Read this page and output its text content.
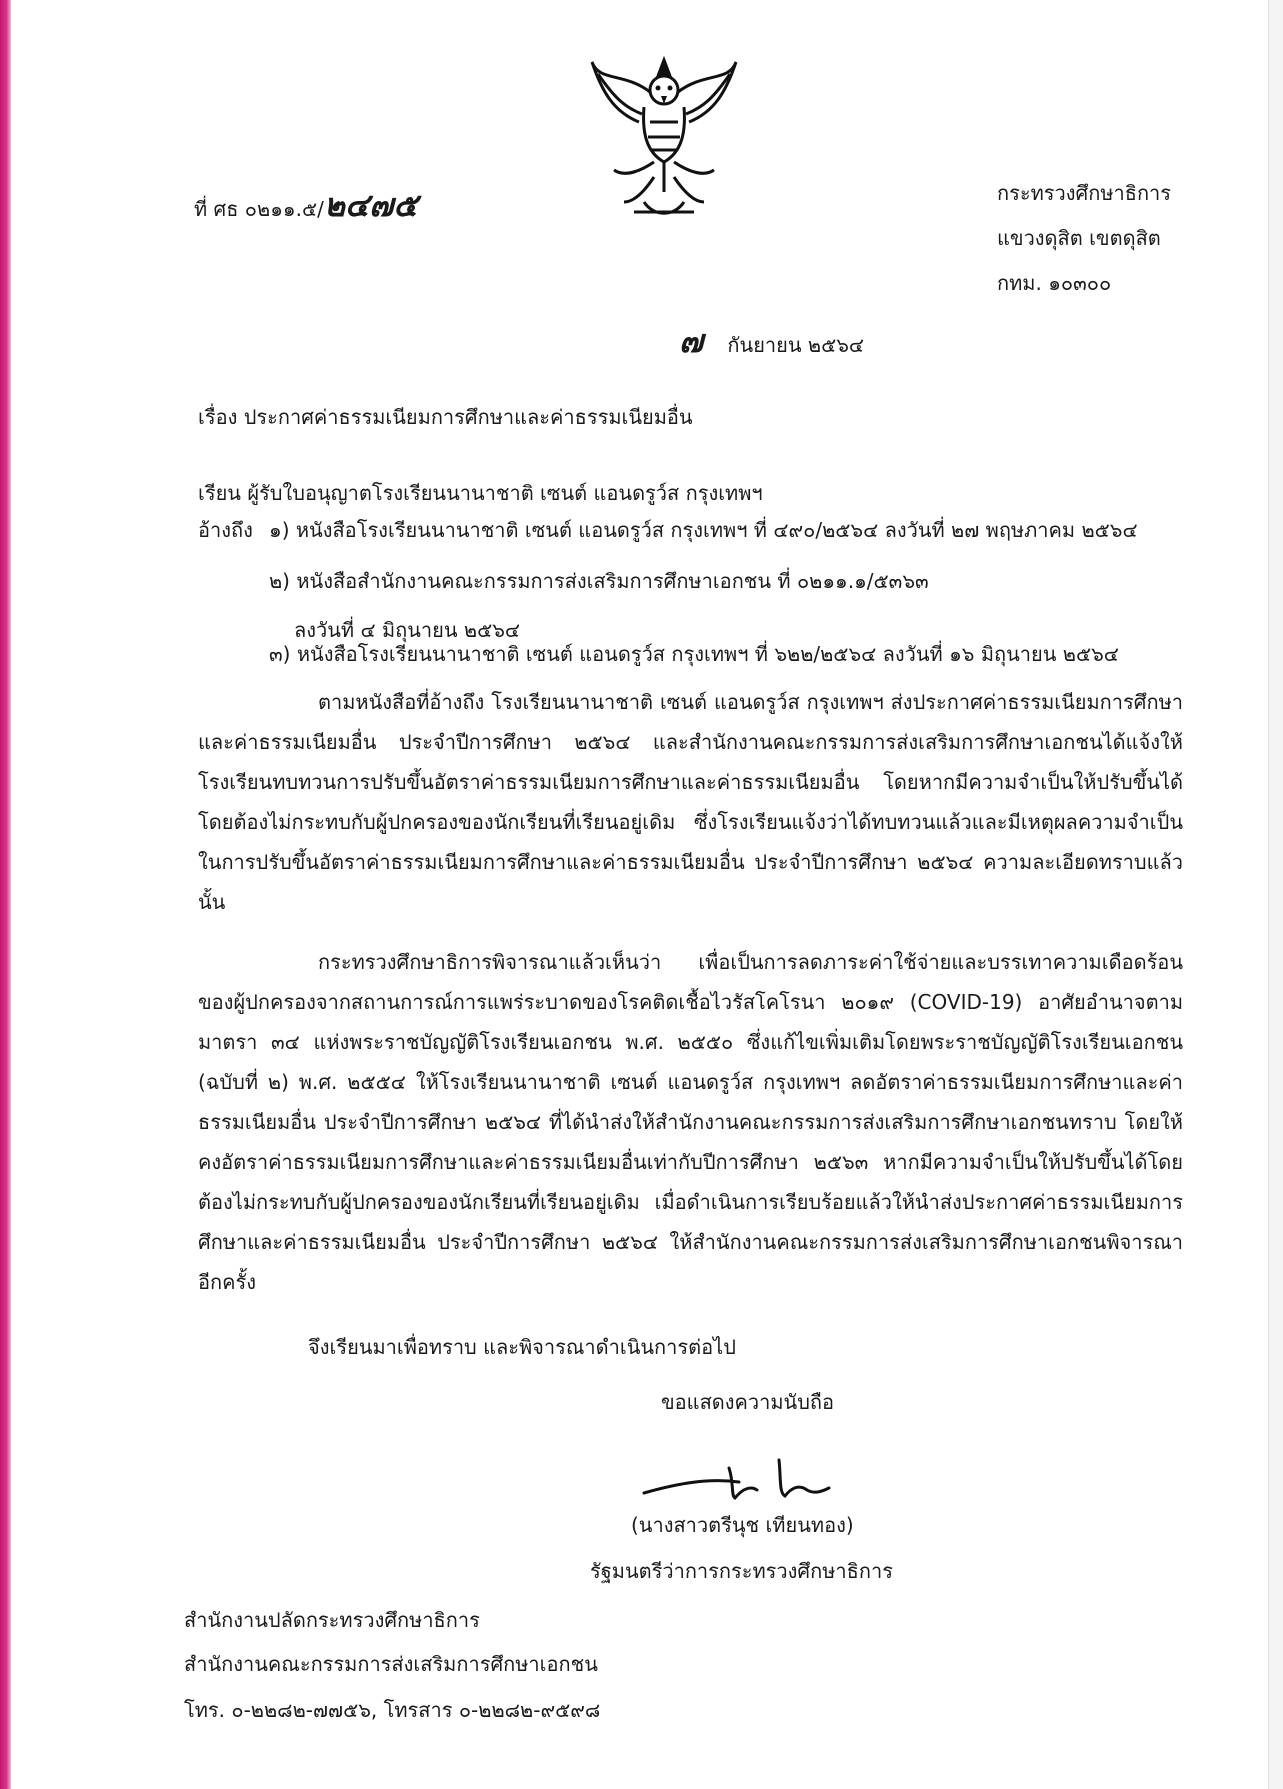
ที่ ศธ ๐๒๑๑.๕/๒๔๗๕	กระทรวงศึกษาธิการ
แขวงดุสิต เขตดุสิต
กทม. ๑๐๓๐๐
๗ กันยายน ๒๕๖๔
เรื่อง ประกาศค่าธรรมเนียมการศึกษาและค่าธรรมเนียมอื่น
เรียน ผู้รับใบอนุญาตโรงเรียนนานาชาติ เซนต์ แอนดรูว์ส กรุงเทพฯ
อ้างถึง ๑) หนังสือโรงเรียนนานาชาติ เซนต์ แอนดรูว์ส กรุงเทพฯ ที่ ๔๙๐/๒๕๖๔ ลงวันที่ ๒๗ พฤษภาคม ๒๕๖๔
๒) หนังสือสำนักงานคณะกรรมการส่งเสริมการศึกษาเอกชน ที่ ๐๒๑๑.๑/๕๓๖๓
ลงวันที่ ๔ มิถุนายน ๒๕๖๔
๓) หนังสือโรงเรียนนานาชาติ เซนต์ แอนดรูว์ส กรุงเทพฯ ที่ ๖๒๒/๒๕๖๔ ลงวันที่ ๑๖ มิถุนายน ๒๕๖๔

ตามหนังสือที่อ้างถึง โรงเรียนนานาชาติ เซนต์ แอนดรูว์ส กรุงเทพฯ ส่งประกาศค่าธรรมเนียมการศึกษาและค่าธรรมเนียมอื่น ประจำปีการศึกษา ๒๕๖๔ และสำนักงานคณะกรรมการส่งเสริมการศึกษาเอกชนได้แจ้งให้โรงเรียนทบทวนการปรับขึ้นอัตราค่าธรรมเนียมการศึกษาและค่าธรรมเนียมอื่น โดยหากมีความจำเป็นให้ปรับขึ้นได้ โดยต้องไม่กระทบกับผู้ปกครองของนักเรียนที่เรียนอยู่เดิม ซึ่งโรงเรียนแจ้งว่าได้ทบทวนแล้วและมีเหตุผลความจำเป็นในการปรับขึ้นอัตราค่าธรรมเนียมการศึกษาและค่าธรรมเนียมอื่น ประจำปีการศึกษา ๒๕๖๔ ความละเอียดทราบแล้ว นั้น

กระทรวงศึกษาธิการพิจารณาแล้วเห็นว่า เพื่อเป็นการลดภาระค่าใช้จ่ายและบรรเทาความเดือดร้อนของผู้ปกครองจากสถานการณ์การแพร่ระบาดของโรคติดเชื้อไวรัสโคโรนา ๒๐๑๙ (COVID-19) อาศัยอำนาจตามมาตรา ๓๔ แห่งพระราชบัญญัติโรงเรียนเอกชน พ.ศ. ๒๕๕๐ ซึ่งแก้ไขเพิ่มเติมโดยพระราชบัญญัติโรงเรียนเอกชน (ฉบับที่ ๒) พ.ศ. ๒๕๕๔ ให้โรงเรียนนานาชาติ เซนต์ แอนดรูว์ส กรุงเทพฯ ลดอัตราค่าธรรมเนียมการศึกษาและค่าธรรมเนียมอื่น ประจำปีการศึกษา ๒๕๖๔ ที่ได้นำส่งให้สำนักงานคณะกรรมการส่งเสริมการศึกษาเอกชนทราบ โดยให้คงอัตราค่าธรรมเนียมการศึกษาและค่าธรรมเนียมอื่นเท่ากับปีการศึกษา ๒๕๖๓ หากมีความจำเป็นให้ปรับขึ้นได้โดยต้องไม่กระทบกับผู้ปกครองของนักเรียนที่เรียนอยู่เดิม เมื่อดำเนินการเรียบร้อยแล้วให้นำส่งประกาศค่าธรรมเนียมการศึกษาและค่าธรรมเนียมอื่น ประจำปีการศึกษา ๒๕๖๔ ให้สำนักงานคณะกรรมการส่งเสริมการศึกษาเอกชนพิจารณาอีกครั้ง

จึงเรียนมาเพื่อทราบ และพิจารณาดำเนินการต่อไป
ขอแสดงความนับถือ
(นางสาวตรีนุช เทียนทอง)
รัฐมนตรีว่าการกระทรวงศึกษาธิการ
สำนักงานปลัดกระทรวงศึกษาธิการ
สำนักงานคณะกรรมการส่งเสริมการศึกษาเอกชน
โทร. ๐-๒๒๘๒-๗๗๕๖, โทรสาร ๐-๒๒๘๒-๙๕๙๘
